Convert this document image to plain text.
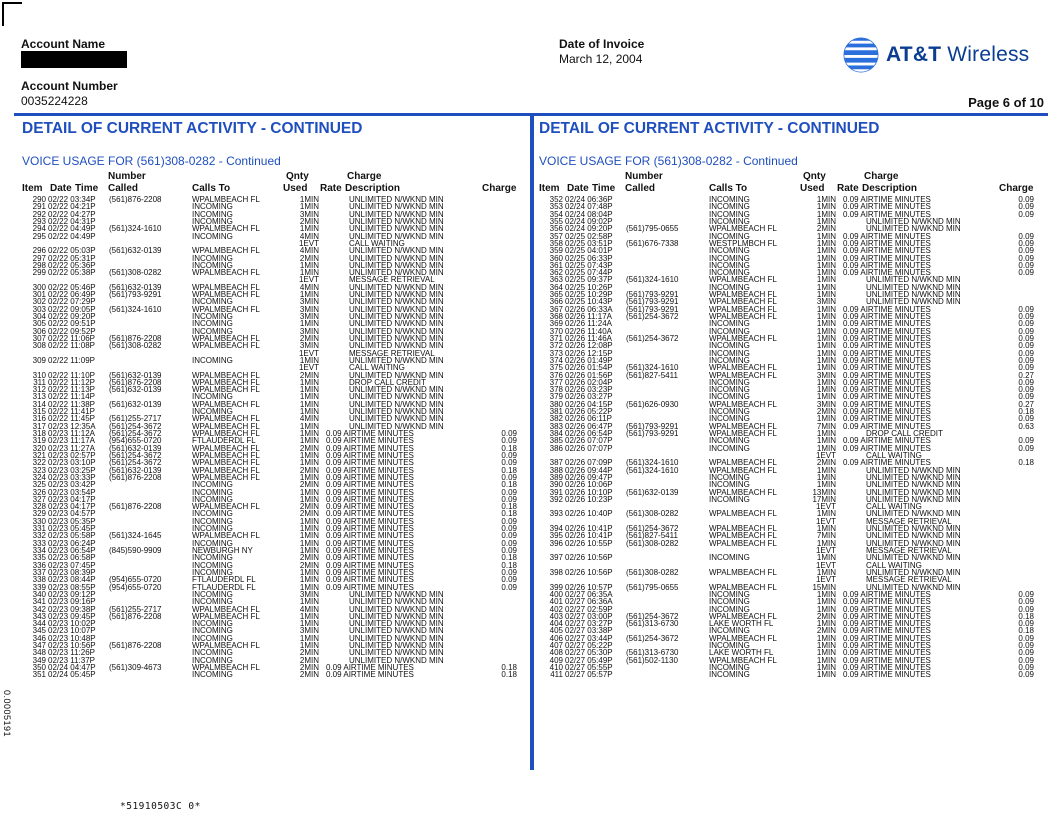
Account Name
Account Number
0035224228
Date of Invoice
March 12, 2004	AT&T Wireless
Page 6 of 10
DETAIL OF CURRENT ACTIVITY - CONTINUED	DETAIL OF CURRENT ACTIVITY - CONTINUED
VOICE USAGE FOR (561)308-0282 - Continued	VOICE USAGE FOR (561)308-0282 - Continued
Number	Qnty	Charge
Item Date Time Called	Calls To	Used Rate Description	Charge
290 02/22 03:34P (561)876-2208	WPALMBEACH FL	1MIN	UNLIMITED N/WKND MIN
291 02/22 04:21P	INCOMING	1MIN	UNLIMITED N/WKND MIN
292 02/22 04:27P	INCOMING	3MIN	UNLIMITED N/WKND MIN
293 02/22 04:31P	INCOMING	2MIN	UNLIMITED N/WKND MIN
294 02/22 04:49P (561)324-1610	WPALMBEACH FL	1MIN	UNLIMITED N/WKND MIN
295 02/22 04:49P	INCOMING	4MIN	UNLIMITED N/WKND MIN
1EVT	CALL WAITING
296 02/22 05:03P (561)632-0139	WPALMBEACH FL	4MIN	UNLIMITED N/WKND MIN
297 02/22 05:31P	INCOMING	2MIN	UNLIMITED N/WKND MIN
298 02/22 05:36P	INCOMING	1MIN	UNLIMITED N/WKND MIN
299 02/22 05:38P (561)308-0282	WPALMBEACH FL	1MIN	UNLIMITED N/WKND MIN
1EVT	MESSAGE RETRIEVAL
300 02/22 05:46P (561)632-0139	WPALMBEACH FL	4MIN	UNLIMITED N/WKND MIN
301 02/22 06:49P (561)793-9291	WPALMBEACH FL	1MIN	UNLIMITED N/WKND MIN
302 02/22 07:29P	INCOMING	3MIN	UNLIMITED N/WKND MIN
303 02/22 09:05P (561)324-1610	WPALMBEACH FL	3MIN	UNLIMITED N/WKND MIN
304 02/22 09:20P	INCOMING	3MIN	UNLIMITED N/WKND MIN
305 02/22 09:51P	INCOMING	1MIN	UNLIMITED N/WKND MIN
306 02/22 09:52P	INCOMING	3MIN	UNLIMITED N/WKND MIN
307 02/22 11:06P (561)876-2208	WPALMBEACH FL	2MIN	UNLIMITED N/WKND MIN
308 02/22 11:08P (561)308-0282	WPALMBEACH FL	3MIN	UNLIMITED N/WKND MIN
1EVT	MESSAGE RETRIEVAL
309 02/22 11:09P	INCOMING	1MIN	UNLIMITED N/WKND MIN
1EVT	CALL WAITING
310 02/22 11:10P (561)632-0139	WPALMBEACH FL	2MIN	UNLIMITED N/WKND MIN
311 02/22 11:12P (561)876-2208	WPALMBEACH FL	1MIN	DROP CALL CREDIT
312 02/22 11:13P (561)632-0139	WPALMBEACH FL	1MIN	UNLIMITED N/WKND MIN
313 02/22 11:14P	INCOMING	1MIN	UNLIMITED N/WKND MIN
314 02/22 11:38P (561)632-0139	WPALMBEACH FL	1MIN	UNLIMITED N/WKND MIN
315 02/22 11:41P	INCOMING	1MIN	UNLIMITED N/WKND MIN
316 02/22 11:45P (561)255-2717	WPALMBEACH FL	4MIN	UNLIMITED N/WKND MIN
317 02/23 12:35A (561)254-3672	WPALMBEACH FL	1MIN	UNLIMITED N/WKND MIN
318 02/23 11:12A (561)254-3672	WPALMBEACH FL	1MIN 0.09 AIRTIME MINUTES	0.09
319 02/23 11:17A (954)655-0720	FTLAUDERDL FL	1MIN 0.09 AIRTIME MINUTES	0.09
320 02/23 11:27A (561)632-0139	WPALMBEACH FL	2MIN 0.09 AIRTIME MINUTES	0.18
321 02/23 02:57P (561)254-3672	WPALMBEACH FL	1MIN 0.09 AIRTIME MINUTES	0.09
322 02/23 03:10P (561)254-3672	WPALMBEACH FL	1MIN 0.09 AIRTIME MINUTES	0.09
323 02/23 03:25P (561)632-0139	WPALMBEACH FL	2MIN 0.09 AIRTIME MINUTES	0.18
324 02/23 03:33P (561)876-2208	WPALMBEACH FL	1MIN 0.09 AIRTIME MINUTES	0.09
325 02/23 03:42P	INCOMING	2MIN 0.09 AIRTIME MINUTES	0.18
326 02/23 03:54P	INCOMING	1MIN 0.09 AIRTIME MINUTES	0.09
327 02/23 04:17P	INCOMING	1MIN 0.09 AIRTIME MINUTES	0.09
328 02/23 04:17P (561)876-2208	WPALMBEACH FL	2MIN 0.09 AIRTIME MINUTES	0.18
329 02/23 04:57P	INCOMING	2MIN 0.09 AIRTIME MINUTES	0.18
330 02/23 05:35P	INCOMING	1MIN 0.09 AIRTIME MINUTES	0.09
331 02/23 05:45P	INCOMING	1MIN 0.09 AIRTIME MINUTES	0.09
332 02/23 05:58P (561)324-1645	WPALMBEACH FL	1MIN 0.09 AIRTIME MINUTES	0.09
333 02/23 06:24P	INCOMING	1MIN 0.09 AIRTIME MINUTES	0.09
334 02/23 06:54P (845)590-9909	NEWBURGH NY	1MIN 0.09 AIRTIME MINUTES	0.09
335 02/23 06:58P	INCOMING	2MIN 0.09 AIRTIME MINUTES	0.18
336 02/23 07:45P	INCOMING	2MIN 0.09 AIRTIME MINUTES	0.18
337 02/23 08:39P	INCOMING	1MIN 0.09 AIRTIME MINUTES	0.09
338 02/23 08:44P (954)655-0720	FTLAUDERDL FL	1MIN 0.09 AIRTIME MINUTES	0.09
339 02/23 08:55P (954)655-0720	FTLAUDERDL FL	1MIN 0.09 AIRTIME MINUTES	0.09
340 02/23 09:12P	INCOMING	3MIN	UNLIMITED N/WKND MIN
341 02/23 09:16P	INCOMING	1MIN	UNLIMITED N/WKND MIN
342 02/23 09:38P (561)255-2717	WPALMBEACH FL	4MIN	UNLIMITED N/WKND MIN
343 02/23 09:45P (561)876-2208	WPALMBEACH FL	1MIN	UNLIMITED N/WKND MIN
344 02/23 10:02P	INCOMING	1MIN	UNLIMITED N/WKND MIN
345 02/23 10:07P	INCOMING	3MIN	UNLIMITED N/WKND MIN
346 02/23 10:48P	INCOMING	1MIN	UNLIMITED N/WKND MIN
347 02/23 10:56P (561)876-2208	WPALMBEACH FL	1MIN	UNLIMITED N/WKND MIN
348 02/23 11:26P	INCOMING	2MIN	UNLIMITED N/WKND MIN
349 02/23 11:37P	INCOMING	2MIN	UNLIMITED N/WKND MIN
350 02/24 04:47P (561)309-4673	WPALMBEACH FL	2MIN 0.09 AIRTIME MINUTES	0.18
351 02/24 05:45P	INCOMING	2MIN 0.09 AIRTIME MINUTES	0.18
Number	Qnty	Charge
Item Date Time Called	Calls To	Used Rate Description	Charge
352 02/24 06:36P	INCOMING	1MIN 0.09 AIRTIME MINUTES	0.09
353 02/24 07:48P	INCOMING	1MIN 0.09 AIRTIME MINUTES	0.09
354 02/24 08:04P	INCOMING	1MIN 0.09 AIRTIME MINUTES	0.09
355 02/24 09:02P	INCOMING	1MIN	UNLIMITED N/WKND MIN
356 02/24 09:20P (561)795-0655	WPALMBEACH FL	2MIN	UNLIMITED N/WKND MIN
357 02/25 02:58P	INCOMING	1MIN 0.09 AIRTIME MINUTES	0.09
358 02/25 03:51P (561)676-7338	WESTPLMBCH FL	1MIN 0.09 AIRTIME MINUTES	0.09
359 02/25 04:01P	INCOMING	1MIN 0.09 AIRTIME MINUTES	0.09
360 02/25 06:33P	INCOMING	1MIN 0.09 AIRTIME MINUTES	0.09
361 02/25 07:43P	INCOMING	1MIN 0.09 AIRTIME MINUTES	0.09
362 02/25 07:44P	INCOMING	1MIN 0.09 AIRTIME MINUTES	0.09
363 02/25 09:37P (561)324-1610	WPALMBEACH FL	1MIN	UNLIMITED N/WKND MIN
364 02/25 10:26P	INCOMING	1MIN	UNLIMITED N/WKND MIN
365 02/25 10:29P (561)793-9291	WPALMBEACH FL	1MIN	UNLIMITED N/WKND MIN
366 02/25 10:43P (561)793-9291	WPALMBEACH FL	3MIN	UNLIMITED N/WKND MIN
367 02/26 06:33A (561)793-9291	WPALMBEACH FL	1MIN 0.09 AIRTIME MINUTES	0.09
368 02/26 11:17A (561)254-3672	WPALMBEACH FL	1MIN 0.09 AIRTIME MINUTES	0.09
369 02/26 11:24A	INCOMING	1MIN 0.09 AIRTIME MINUTES	0.09
370 02/26 11:40A	INCOMING	1MIN 0.09 AIRTIME MINUTES	0.09
371 02/26 11:46A (561)254-3672	WPALMBEACH FL	1MIN 0.09 AIRTIME MINUTES	0.09
372 02/26 12:08P	INCOMING	1MIN 0.09 AIRTIME MINUTES	0.09
373 02/26 12:15P	INCOMING	1MIN 0.09 AIRTIME MINUTES	0.09
374 02/26 01:49P	INCOMING	1MIN 0.09 AIRTIME MINUTES	0.09
375 02/26 01:54P (561)324-1610	WPALMBEACH FL	1MIN 0.09 AIRTIME MINUTES	0.09
376 02/26 01:56P (561)827-5411	WPALMBEACH FL	3MIN 0.09 AIRTIME MINUTES	0.27
377 02/26 02:04P	INCOMING	1MIN 0.09 AIRTIME MINUTES	0.09
378 02/26 03:23P	INCOMING	1MIN 0.09 AIRTIME MINUTES	0.09
379 02/26 03:27P	INCOMING	1MIN 0.09 AIRTIME MINUTES	0.09
380 02/26 04:15P (561)626-0930	WPALMBEACH FL	3MIN 0.09 AIRTIME MINUTES	0.27
381 02/26 05:22P	INCOMING	2MIN 0.09 AIRTIME MINUTES	0.18
382 02/26 06:11P	INCOMING	1MIN 0.09 AIRTIME MINUTES	0.09
383 02/26 06:47P (561)793-9291	WPALMBEACH FL	7MIN 0.09 AIRTIME MINUTES	0.63
384 02/26 06:54P (561)793-9291	WPALMBEACH FL	1MIN	DROP CALL CREDIT
385 02/26 07:07P	INCOMING	1MIN 0.09 AIRTIME MINUTES	0.09
386 02/26 07:07P	INCOMING	1MIN 0.09 AIRTIME MINUTES	0.09
1EVT	CALL WAITING
387 02/26 07:09P (561)324-1610	WPALMBEACH FL	2MIN 0.09 AIRTIME MINUTES	0.18
388 02/26 09:44P (561)324-1610	WPALMBEACH FL	1MIN	UNLIMITED N/WKND MIN
389 02/26 09:47P	INCOMING	1MIN	UNLIMITED N/WKND MIN
390 02/26 10:06P	INCOMING	1MIN	UNLIMITED N/WKND MIN
391 02/26 10:10P (561)632-0139	WPALMBEACH FL	13MIN	UNLIMITED N/WKND MIN
392 02/26 10:23P	INCOMING	17MIN	UNLIMITED N/WKND MIN
1EVT	CALL WAITING
393 02/26 10:40P (561)308-0282	WPALMBEACH FL	1MIN	UNLIMITED N/WKND MIN
1EVT	MESSAGE RETRIEVAL
394 02/26 10:41P (561)254-3672	WPALMBEACH FL	1MIN	UNLIMITED N/WKND MIN
395 02/26 10:41P (561)827-5411	WPALMBEACH FL	7MIN	UNLIMITED N/WKND MIN
396 02/26 10:55P (561)308-0282	WPALMBEACH FL	1MIN	UNLIMITED N/WKND MIN
1EVT	MESSAGE RETRIEVAL
397 02/26 10:56P	INCOMING	1MIN	UNLIMITED N/WKND MIN
1EVT	CALL WAITING
398 02/26 10:56P (561)308-0282	WPALMBEACH FL	1MIN	UNLIMITED N/WKND MIN
1EVT	MESSAGE RETRIEVAL
399 02/26 10:57P (561)795-0655	WPALMBEACH FL	15MIN	UNLIMITED N/WKND MIN
400 02/27 06:35A	INCOMING	1MIN 0.09 AIRTIME MINUTES	0.09
401 02/27 06:36A	INCOMING	1MIN 0.09 AIRTIME MINUTES	0.09
402 02/27 02:59P	INCOMING	1MIN 0.09 AIRTIME MINUTES	0.09
403 02/27 03:00P (561)254-3672	WPALMBEACH FL	2MIN 0.09 AIRTIME MINUTES	0.18
404 02/27 03:27P (561)313-6730	LAKE WORTH FL	1MIN 0.09 AIRTIME MINUTES	0.09
405 02/27 03:38P	INCOMING	2MIN 0.09 AIRTIME MINUTES	0.18
406 02/27 03:44P (561)254-3672	WPALMBEACH FL	1MIN 0.09 AIRTIME MINUTES	0.09
407 02/27 05:22P	INCOMING	1MIN 0.09 AIRTIME MINUTES	0.09
408 02/27 05:30P (561)313-6730	LAKE WORTH FL	1MIN 0.09 AIRTIME MINUTES	0.09
409 02/27 05:49P (561)502-1130	WPALMBEACH FL	1MIN 0.09 AIRTIME MINUTES	0.09
410 02/27 05:55P	INCOMING	1MIN 0.09 AIRTIME MINUTES	0.09
411 02/27 05:57P	INCOMING	1MIN 0.09 AIRTIME MINUTES	0.09
0.0005191
*51910503C 0*
